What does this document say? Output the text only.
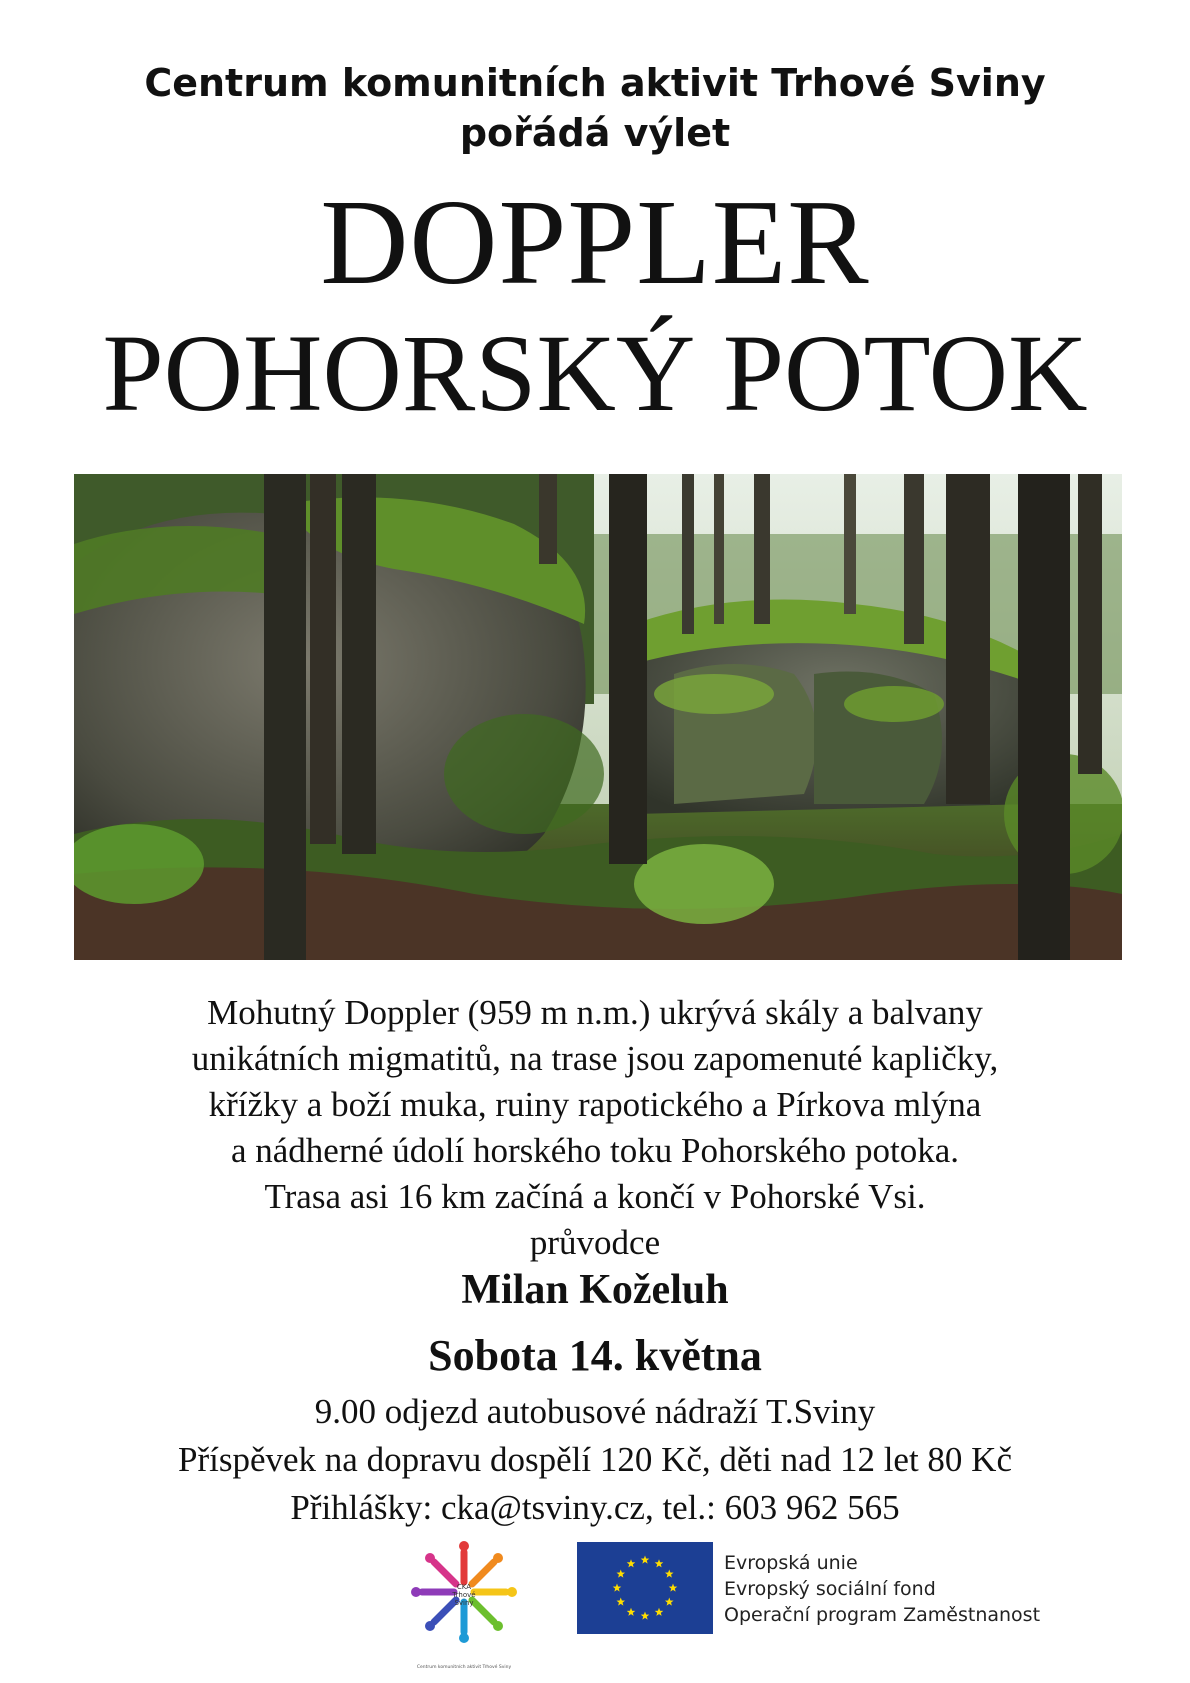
Centrum komunitních aktivit Trhové Sviny
pořádá výlet
DOPPLER
POHORSKÝ POTOK
Mohutný Doppler (959 m n.m.) ukrývá skály a balvany
unikátních migmatitů, na trase jsou zapomenuté kapličky,
křížky a boží muka, ruiny rapotického a Pírkova mlýna
a nádherné údolí horského toku Pohorského potoka.
Trasa asi 16 km začíná a končí v Pohorské Vsi.
průvodce
Milan Koželuh
Sobota 14. května
9.00 odjezd autobusové nádraží T.Sviny
Příspěvek na dopravu dospělí 120 Kč, děti nad 12 let 80 Kč
Přihlášky: cka@tsviny.cz, tel.: 603 962 565
CKA
Trhové
Sviny
Centrum komunitních aktivit Trhové Sviny
Evropská unie
Evropský sociální fond
Operační program Zaměstnanost
